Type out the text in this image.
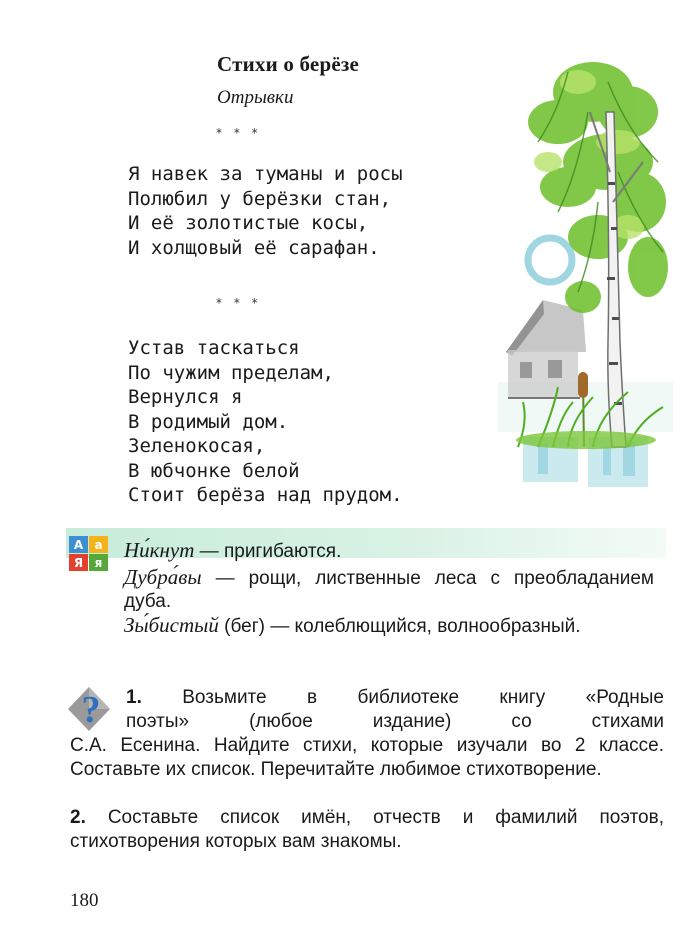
Стихи о берёзе
Отрывки
* * *
Я навек за туманы и росы
Полюбил у берёзки стан,
И её золотистые косы,
И холщовый её сарафан.
* * *
Устав таскаться
По чужим пределам,
Вернулся я
В родимый дом.
Зеленокосая,
В юбчонке белой
Стоит берёза над прудом.
А а
Я я
Ни́кнут — пригибаются.
Дубра́вы — рощи, лиственные леса с преобладанием дуба.
Зы́бистый (бег) — колеблющийся, волнообразный.
? 1. Возьмите в библиотеке книгу «Родные
поэты» (любое издание) со стихами
С.А. Есенина. Найдите стихи, которые изучали во 2 классе. Составьте их список. Перечитайте любимое стихотворение.
2. Составьте список имён, отчеств и фамилий поэтов, стихотворения которых вам знакомы.
180
